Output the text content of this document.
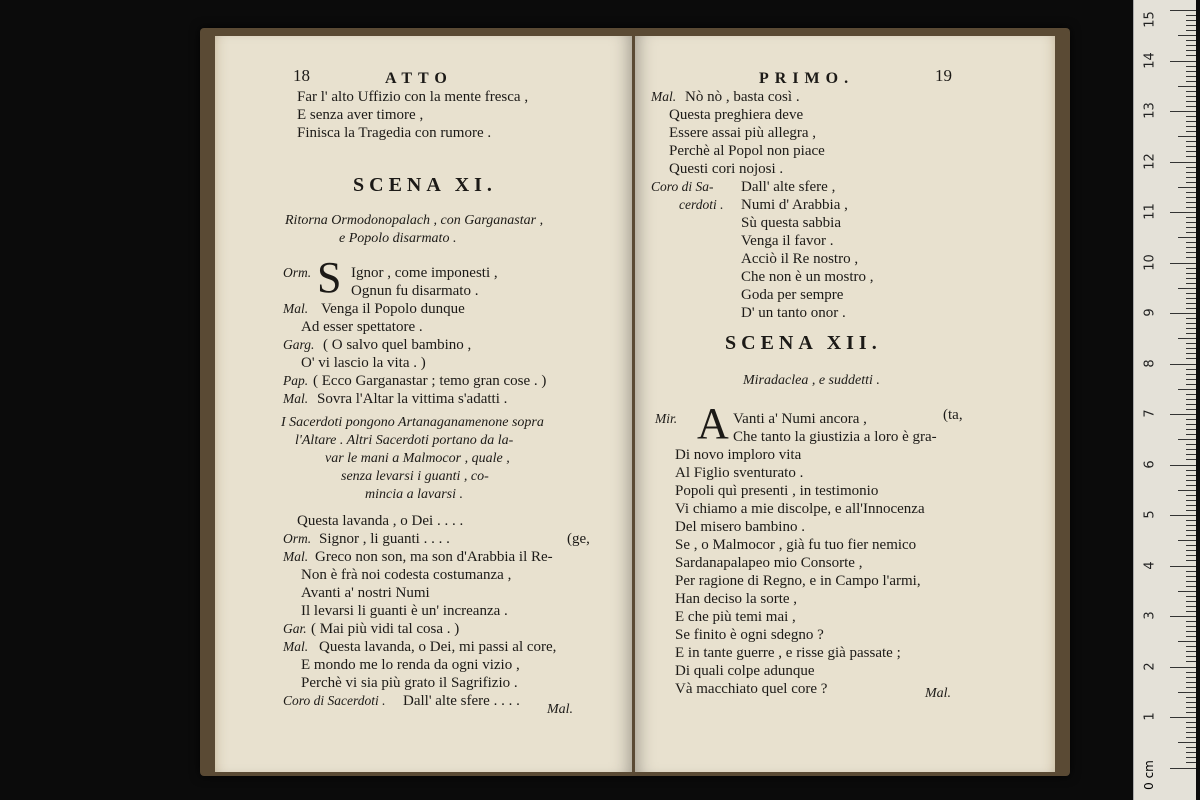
18	ATTO
Far l' alto Uffizio con la mente fresca ,
E senza aver timore ,
Finisca la Tragedia con rumore .
SCENA XI.
Ritorna Ormodonopalach , con Garganastar ,
e Popolo disarmato .
Orm. S Ignor , come imponesti ,
Ognun fu disarmato .
Mal. Venga il Popolo dunque
Ad esser spettatore .
Garg. ( O salvo quel bambino ,
O' vi lascio la vita . )
Pap. ( Ecco Garganastar ; temo gran cose . )
Mal. Sovra l'Altar la vittima s'adatti .
I Sacerdoti pongono Artanaganamenone sopra
l'Altare . Altri Sacerdoti portano da la-
var le mani a Malmocor , quale ,
senza levarsi i guanti , co-
mincia a lavarsi .
Questa lavanda , o Dei . . . .
Orm. Signor , li guanti . . . .	(ge,
Mal. Greco non son, ma son d'Arabbia il Re-
Non è frà noi codesta costumanza ,
Avanti a' nostri Numi
Il levarsi li guanti è un' increanza .
Gar. ( Mai più vidi tal cosa . )
Mal. Questa lavanda, o Dei, mi passi al core,
E mondo me lo renda da ogni vizio ,
Perchè vi sia più grato il Sagrifizio .
Coro di Sacerdoti . Dall' alte sfere . . . .
Mal.
PRIMO.	19
Mal. Nò nò , basta così .
Questa preghiera deve
Essere assai più allegra ,
Perchè al Popol non piace
Questi cori nojosi .
Coro di Sa-
cerdoti .
Dall' alte sfere ,
Numi d' Arabbia ,
Sù questa sabbia
Venga il favor .
Acciò il Re nostro ,
Che non è un mostro ,
Goda per sempre
D' un tanto onor .
SCENA XII.
Miradaclea , e suddetti .
Mir. A Vanti a' Numi ancora ,	(ta,
Che tanto la giustizia a loro è gra-
Di novo imploro vita
Al Figlio sventurato .
Popoli quì presenti , in testimonio
Vi chiamo a mie discolpe, e all'Innocenza
Del misero bambino .
Se , o Malmocor , già fu tuo fier nemico
Sardanapalapeo mio Consorte ,
Per ragione di Regno, e in Campo l'armi,
Han deciso la sorte ,
E che più temi mai ,
Se finito è ogni sdegno ?
E in tante guerre , e risse già passate ;
Di quali colpe adunque
Và macchiato quel core ?	Mal.
15
14
13
12
11
10
9
8
7
6
5
4
3
2
1
0 cm
